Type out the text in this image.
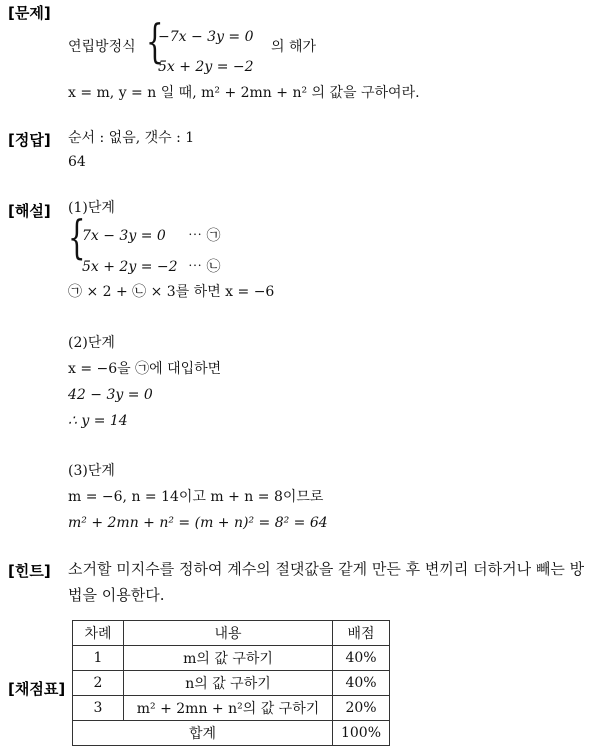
[문제]
[정답]
[해설]
[힌트]
[채점표]
연립방정식 {
−7x − 3y = 0
5x + 2y = −2
의 해가
x = m, y = n 일 때, m² + 2mn + n² 의 값을 구하여라.
순서 : 없음, 갯수 : 1
64
(1)단계
{
7x − 3y = 0 ⋯ ㉠
5x + 2y = −2 ⋯ ㉡
㉠ × 2 + ㉡ × 3를 하면 x = −6
(2)단계
x = −6을 ㉠에 대입하면
42 − 3y = 0
∴ y = 14
(3)단계
m = −6, n = 14이고 m + n = 8이므로
m² + 2mn + n² = (m + n)² = 8² = 64
소거할 미지수를 정하여 계수의 절댓값을 같게 만든 후 변끼리 더하거나 빼는 방
법을 이용한다.
차례	내용	배점
1	m의 값 구하기	40%
2	n의 값 구하기	40%
3	m² + 2mn + n²의 값 구하기	20%
합계		100%
